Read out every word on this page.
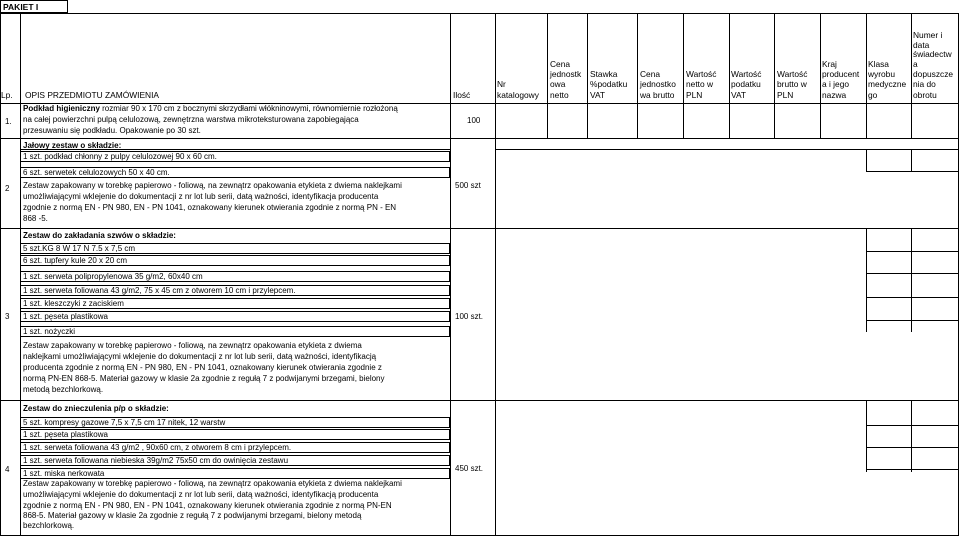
PAKIET I
Lp. OPIS PRZEDMIOTU ZAMÓWIENIA	Ilość
Nr
katalogowy
Cena
jednostk
owa
netto
Stawka
%podatku
VAT
Cena
jednostko
wa brutto
Wartość
netto w
PLN
Wartość
podatku
VAT
Wartość
brutto w
PLN
Kraj
producent
a i jego
nazwa
Klasa
wyrobu
medyczne
go
Numer i
data
świadectw
a
dopuszcze
nia do
obrotu
1.
Podkład higieniczny rozmiar 90 x 170 cm z bocznymi skrzydłami włókninowymi, równomiernie rozłożoną
na całej powierzchni pulpą celulozową, zewnętrzna warstwa mikroteksturowana zapobiegająca
przesuwaniu się podkładu. Opakowanie po 30 szt.
100
2
Jałowy zestaw o składzie:
1 szt. podkład chłonny z pulpy celulozowej 90 x 60 cm.
6 szt. serwetek celulozowych 50 x 40 cm.
Zestaw zapakowany w torebkę papierowo - foliową, na zewnątrz opakowania etykieta z dwiema naklejkami
umożliwiającymi wklejenie do dokumentacji z nr lot lub serii, datą ważności, identyfikacja producenta
zgodnie z normą EN - PN 980, EN - PN 1041, oznakowany kierunek otwierania zgodnie z normą PN - EN
868 -5.
500 szt
3
Zestaw do zakładania szwów o składzie:
5 szt.KG 8 W 17 N 7.5 x 7,5 cm
6 szt. tupfery kule 20 x 20 cm
1 szt. serweta polipropylenowa 35 g/m2, 60x40 cm
1 szt. serweta foliowana 43 g/m2, 75 x 45 cm z otworem 10 cm i przylepcem.
1 szt. kleszczyki z zaciskiem
1 szt. pęseta plastikowa
1 szt. nożyczki
Zestaw zapakowany w torebkę papierowo - foliową, na zewnątrz opakowania etykieta z dwiema
naklejkami umożliwiającymi wklejenie do dokumentacji z nr lot lub serii, datą ważności, identyfikacją
producenta zgodnie z normą EN - PN 980, EN - PN 1041, oznakowany kierunek otwierania zgodnie z
normą PN-EN 868-5. Materiał gazowy w klasie 2a zgodnie z regułą 7 z podwijanymi brzegami, bielony
metodą bezchlorkową.
100 szt.
4
Zestaw do znieczulenia p/p o składzie:
5 szt. kompresy gazowe 7,5 x 7,5 cm 17 nitek, 12 warstw
1 szt. pęseta plastikowa
1 szt. serweta foliowana 43 g/m2 , 90x60 cm, z otworem 8 cm i przylepcem.
1 szt. serweta foliowana niebieska 39g/m2 75x50 cm do owinięcia zestawu
1 szt. miska nerkowata
Zestaw zapakowany w torebkę papierowo - foliową, na zewnątrz opakowania etykieta z dwiema naklejkami
umożliwiającymi wklejenie do dokumentacji z nr lot lub serii, datą ważności, identyfikacją producenta
zgodnie z normą EN - PN 980, EN - PN 1041, oznakowany kierunek otwierania zgodnie z normą PN-EN
868-5. Materiał gazowy w klasie 2a zgodnie z regułą 7 z podwijanymi brzegami, bielony metodą
bezchlorkową.
450 szt.
